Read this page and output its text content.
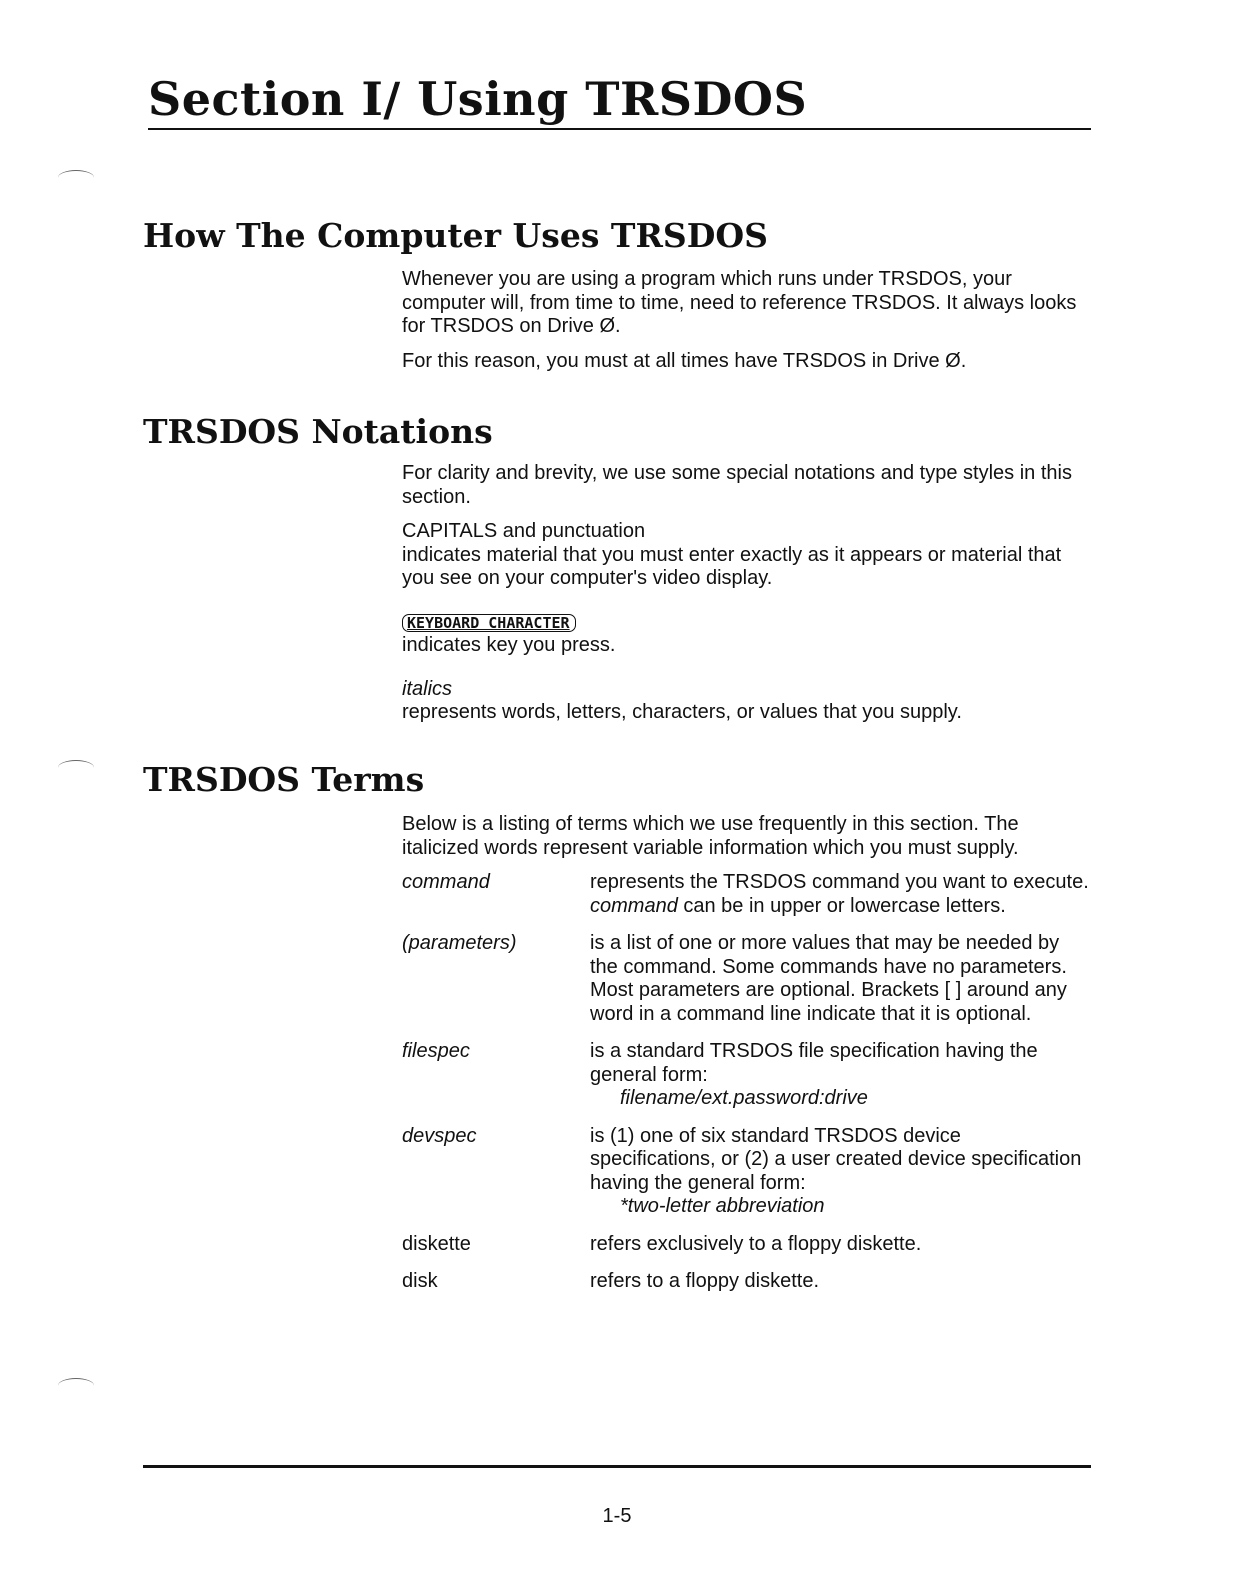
Section I/ Using TRSDOS
How The Computer Uses TRSDOS

Whenever you are using a program which runs under TRSDOS, your computer will, from time to time, need to reference TRSDOS. It always looks for TRSDOS on Drive Ø.

For this reason, you must at all times have TRSDOS in Drive Ø.

TRSDOS Notations

For clarity and brevity, we use some special notations and type styles in this section.

CAPITALS and punctuation
indicates material that you must enter exactly as it appears or material that you see on your computer's video display.
KEYBOARD CHARACTER
indicates key you press.
italics
represents words, letters, characters, or values that you supply.
TRSDOS Terms

Below is a listing of terms which we use frequently in this section. The italicized words represent variable information which you must supply.

command	represents the TRSDOS command you want to execute. command can be in upper or lowercase letters.
(parameters)	is a list of one or more values that may be needed by the command. Some commands have no parameters. Most parameters are optional. Brackets [ ] around any word in a command line indicate that it is optional.
filespec	is a standard TRSDOS file specification having the general form:
filename/ext.password:drive
devspec	is (1) one of six standard TRSDOS device specifications, or (2) a user created device specification having the general form:
*two-letter abbreviation
diskette	refers exclusively to a floppy diskette.
disk	refers to a floppy diskette.
1-5
